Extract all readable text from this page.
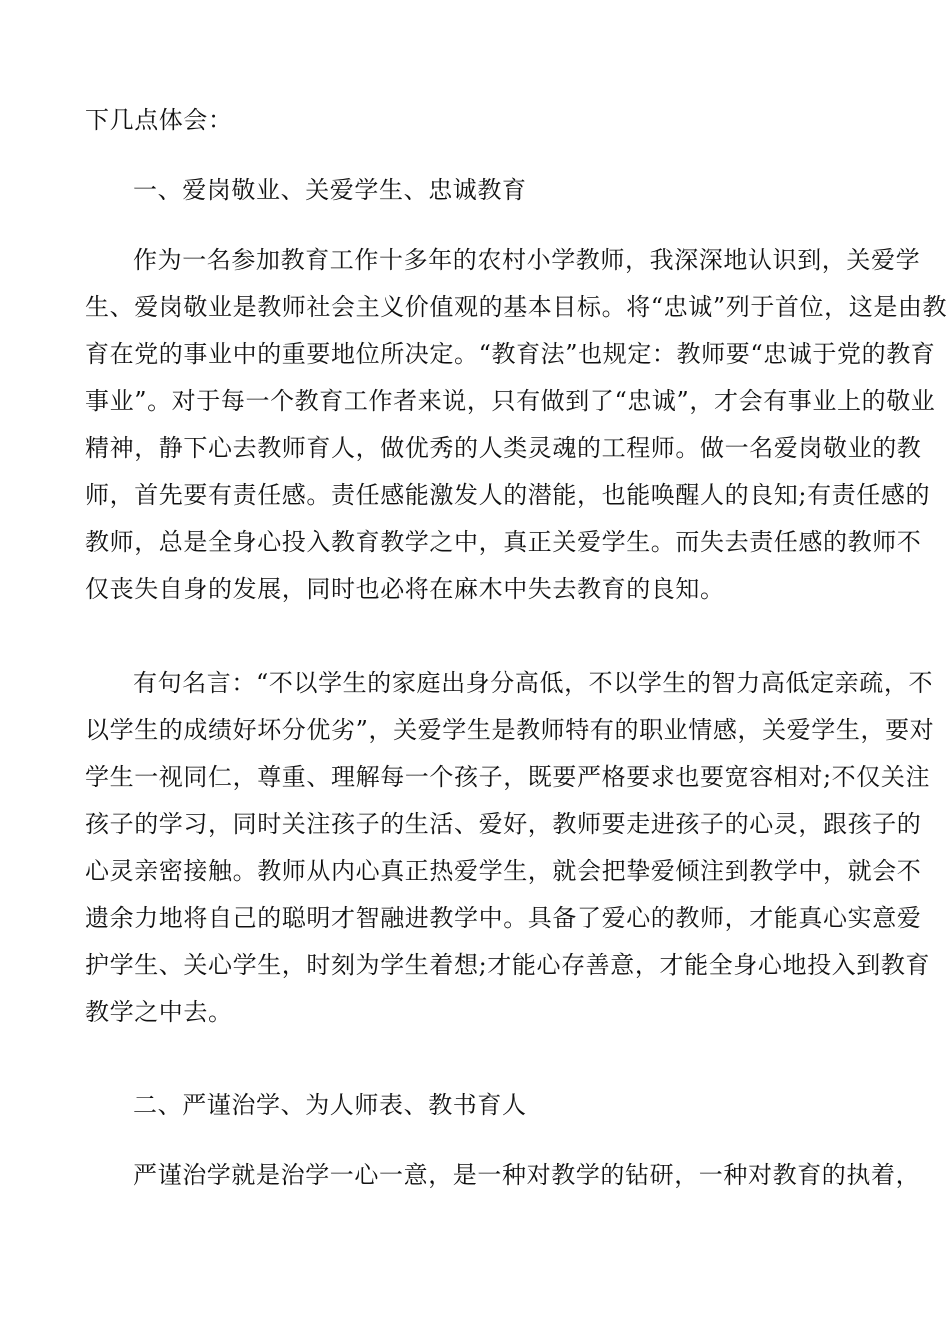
下几点体会：
一、爱岗敬业、关爱学生、忠诚教育
作为一名参加教育工作十多年的农村小学教师，我深深地认识到，关爱学
生、爱岗敬业是教师社会主义价值观的基本目标。将“忠诚”列于首位，这是由教
育在党的事业中的重要地位所决定。“教育法”也规定：教师要“忠诚于党的教育
事业”。对于每一个教育工作者来说，只有做到了“忠诚”，才会有事业上的敬业
精神，静下心去教师育人，做优秀的人类灵魂的工程师。做一名爱岗敬业的教
师，首先要有责任感。责任感能激发人的潜能，也能唤醒人的良知;有责任感的
教师，总是全身心投入教育教学之中，真正关爱学生。而失去责任感的教师不
仅丧失自身的发展，同时也必将在麻木中失去教育的良知。
有句名言：“不以学生的家庭出身分高低，不以学生的智力高低定亲疏，不
以学生的成绩好坏分优劣”，关爱学生是教师特有的职业情感，关爱学生，要对
学生一视同仁，尊重、理解每一个孩子，既要严格要求也要宽容相对;不仅关注
孩子的学习，同时关注孩子的生活、爱好，教师要走进孩子的心灵，跟孩子的
心灵亲密接触。教师从内心真正热爱学生，就会把挚爱倾注到教学中，就会不
遗余力地将自己的聪明才智融进教学中。具备了爱心的教师，才能真心实意爱
护学生、关心学生，时刻为学生着想;才能心存善意，才能全身心地投入到教育
教学之中去。
二、严谨治学、为人师表、教书育人
严谨治学就是治学一心一意，是一种对教学的钻研，一种对教育的执着，
